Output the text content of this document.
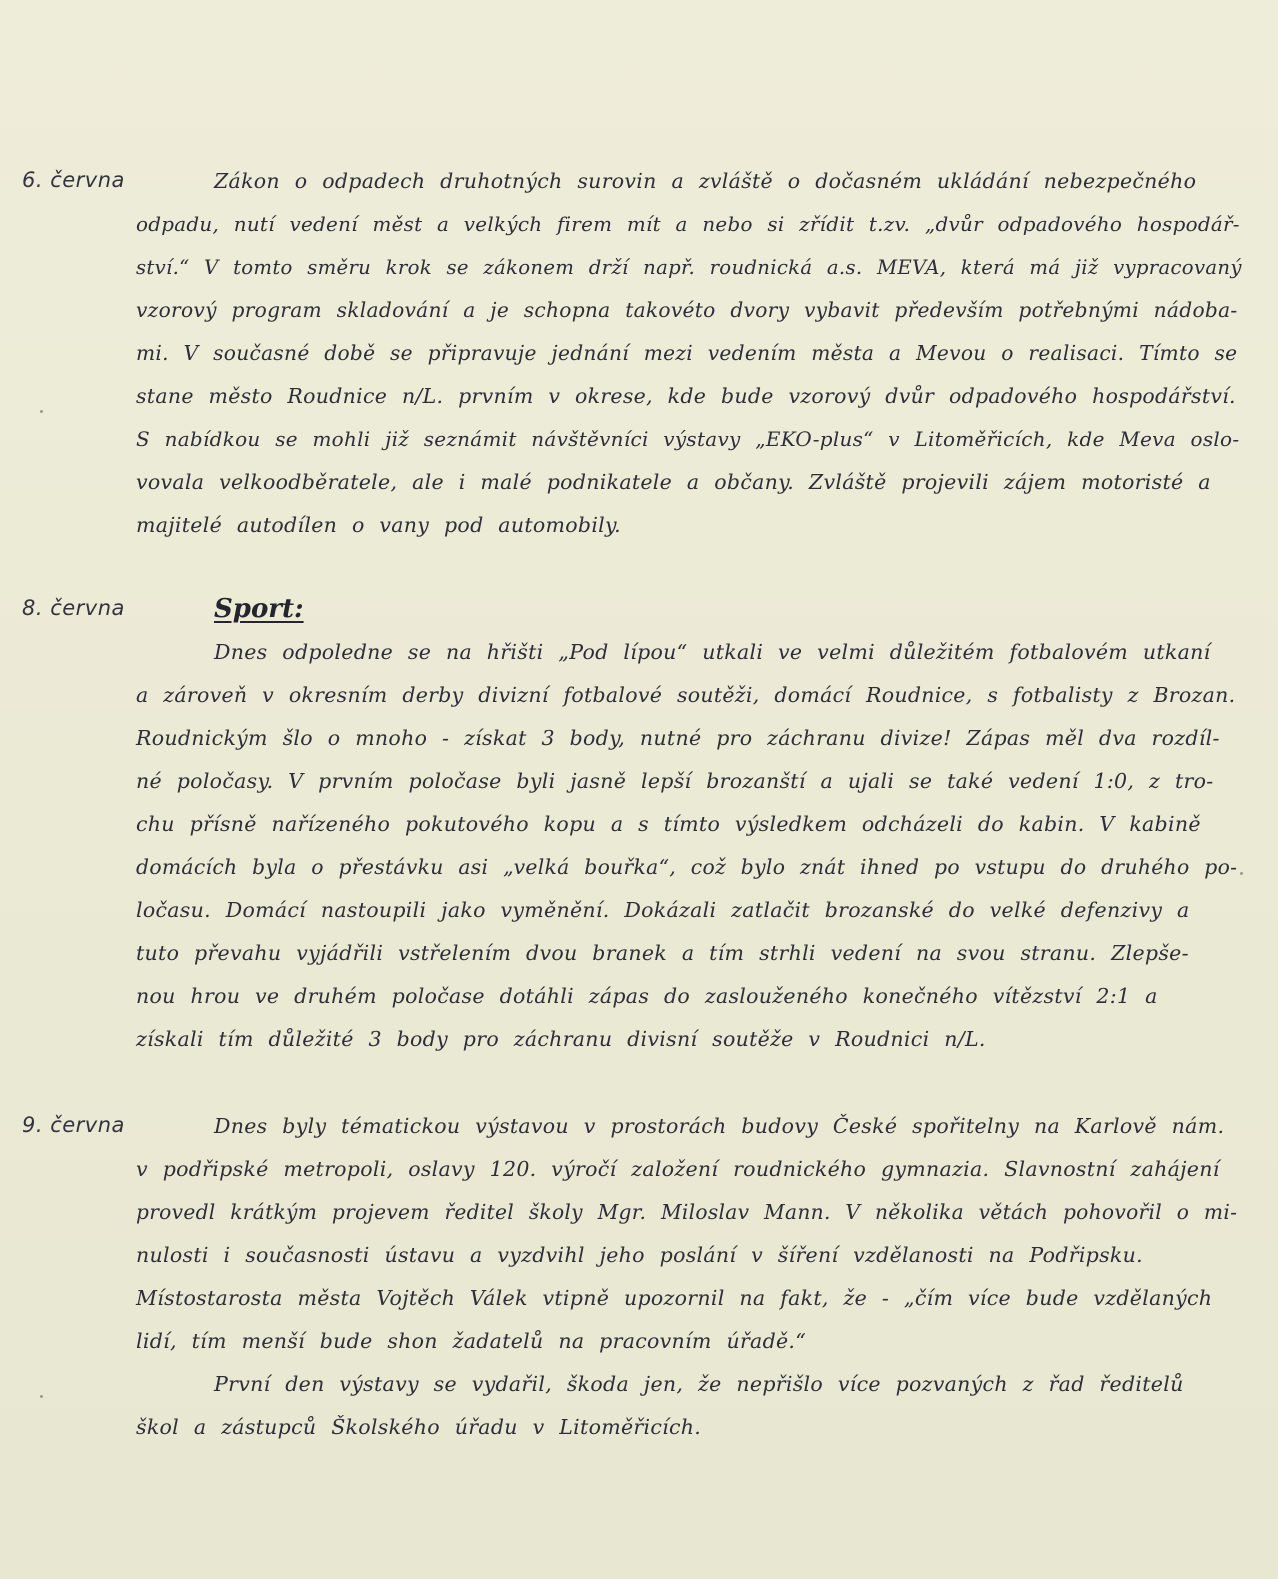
6. června	Zákon o odpadech druhotných surovin a zvláště o dočasném ukládání nebezpečného
odpadu, nutí vedení měst a velkých firem mít a nebo si zřídit t.zv. „dvůr odpadového hospodář-
ství.“ V tomto směru krok se zákonem drží např. roudnická a.s. MEVA, která má již vypracovaný
vzorový program skladování a je schopna takovéto dvory vybavit především potřebnými nádoba-
mi. V současné době se připravuje jednání mezi vedením města a Mevou o realisaci. Tímto se
stane město Roudnice n/L. prvním v okrese, kde bude vzorový dvůr odpadového hospodářství.
S nabídkou se mohli již seznámit návštěvníci výstavy „EKO-plus“ v Litoměřicích, kde Meva oslo-
vovala velkoodběratele, ale i malé podnikatele a občany. Zvláště projevili zájem motoristé a
majitelé autodílen o vany pod automobily.
8. června	Sport:
Dnes odpoledne se na hřišti „Pod lípou“ utkali ve velmi důležitém fotbalovém utkaní
a zároveň v okresním derby divizní fotbalové soutěži, domácí Roudnice, s fotbalisty z Brozan.
Roudnickým šlo o mnoho - získat 3 body, nutné pro záchranu divize! Zápas měl dva rozdíl-
né poločasy. V prvním poločase byli jasně lepší brozanští a ujali se také vedení 1:0, z tro-
chu přísně nařízeného pokutového kopu a s tímto výsledkem odcházeli do kabin. V kabině
domácích byla o přestávku asi „velká bouřka“, což bylo znát ihned po vstupu do druhého po-
ločasu. Domácí nastoupili jako vyměnění. Dokázali zatlačit brozanské do velké defenzivy a
tuto převahu vyjádřili vstřelením dvou branek a tím strhli vedení na svou stranu. Zlepše-
nou hrou ve druhém poločase dotáhli zápas do zaslouženého konečného vítězství 2:1 a
získali tím důležité 3 body pro záchranu divisní soutěže v Roudnici n/L.
9. června	Dnes byly tématickou výstavou v prostorách budovy České spořitelny na Karlově nám.
v podřipské metropoli, oslavy 120. výročí založení roudnického gymnazia. Slavnostní zahájení
provedl krátkým projevem ředitel školy Mgr. Miloslav Mann. V několika větách pohovořil o mi-
nulosti i současnosti ústavu a vyzdvihl jeho poslání v šíření vzdělanosti na Podřipsku.
Místostarosta města Vojtěch Válek vtipně upozornil na fakt, že - „čím více bude vzdělaných
lidí, tím menší bude shon žadatelů na pracovním úřadě.“
První den výstavy se vydařil, škoda jen, že nepřišlo více pozvaných z řad ředitelů
škol a zástupců Školského úřadu v Litoměřicích.
